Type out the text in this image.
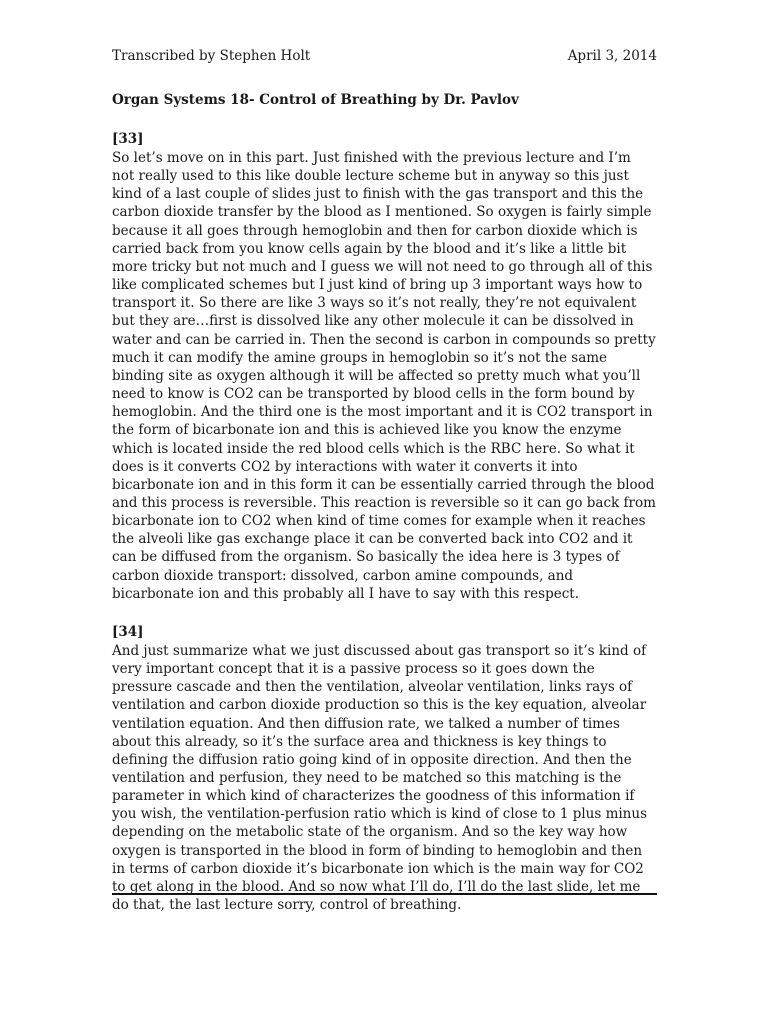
Transcribed by Stephen Holt	April 3, 2014
Organ Systems 18- Control of Breathing by Dr. Pavlov
[33]

So let’s move on in this part. Just finished with the previous lecture and I’m not really used to this like double lecture scheme but in anyway so this just kind of a last couple of slides just to finish with the gas transport and this the carbon dioxide transfer by the blood as I mentioned. So oxygen is fairly simple because it all goes through hemoglobin and then for carbon dioxide which is carried back from you know cells again by the blood and it’s like a little bit more tricky but not much and I guess we will not need to go through all of this like complicated schemes but I just kind of bring up 3 important ways how to transport it. So there are like 3 ways so it’s not really, they’re not equivalent but they are…first is dissolved like any other molecule it can be dissolved in water and can be carried in. Then the second is carbon in compounds so pretty much it can modify the amine groups in hemoglobin so it’s not the same binding site as oxygen although it will be affected so pretty much what you’ll need to know is CO2 can be transported by blood cells in the form bound by hemoglobin. And the third one is the most important and it is CO2 transport in the form of bicarbonate ion and this is achieved like you know the enzyme which is located inside the red blood cells which is the RBC here. So what it does is it converts CO2 by interactions with water it converts it into bicarbonate ion and in this form it can be essentially carried through the blood and this process is reversible. This reaction is reversible so it can go back from bicarbonate ion to CO2 when kind of time comes for example when it reaches the alveoli like gas exchange place it can be converted back into CO2 and it can be diffused from the organism. So basically the idea here is 3 types of carbon dioxide transport: dissolved, carbon amine compounds, and bicarbonate ion and this probably all I have to say with this respect.

[34]

And just summarize what we just discussed about gas transport so it’s kind of very important concept that it is a passive process so it goes down the pressure cascade and then the ventilation, alveolar ventilation, links rays of ventilation and carbon dioxide production so this is the key equation, alveolar ventilation equation. And then diffusion rate, we talked a number of times about this already, so it’s the surface area and thickness is key things to defining the diffusion ratio going kind of in opposite direction. And then the ventilation and perfusion, they need to be matched so this matching is the parameter in which kind of characterizes the goodness of this information if you wish, the ventilation-perfusion ratio which is kind of close to 1 plus minus depending on the metabolic state of the organism. And so the key way how oxygen is transported in the blood in form of binding to hemoglobin and then in terms of carbon dioxide it’s bicarbonate ion which is the main way for CO2 to get along in the blood. And so now what I’ll do, I’ll do the last slide, let me do that, the last lecture sorry, control of breathing.
